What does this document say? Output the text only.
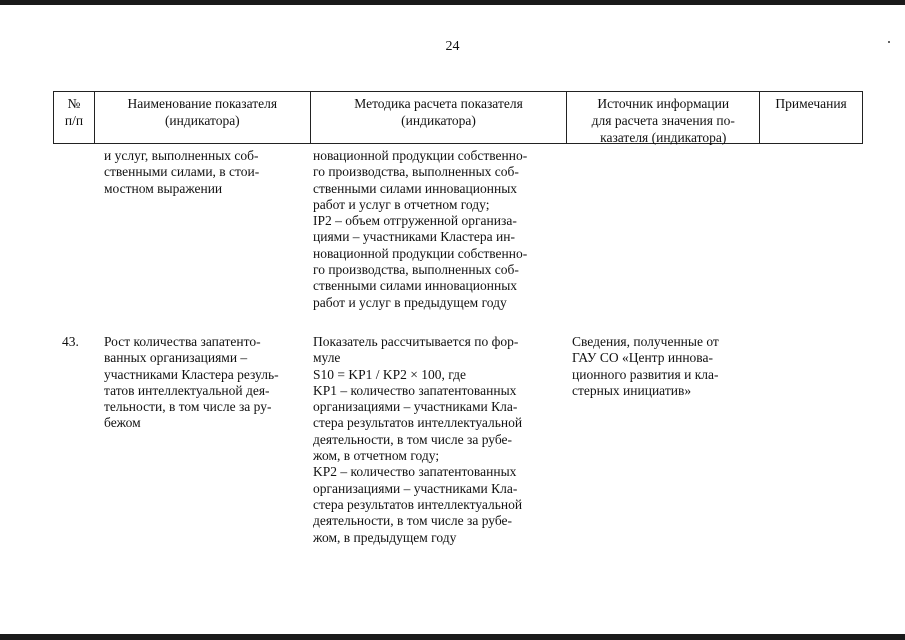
24
№
п/п
Наименование показателя
(индикатора)
Методика расчета показателя
(индикатора)
Источник информации
для расчета значения по-
казателя (индикатора)
Примечания

и услуг, выполненных соб-
ственными силами, в стои-
мостном выражении

новационной продукции собственно-
го производства, выполненных соб-
ственными силами инновационных
работ и услуг в отчетном году;
IP2 – объем отгруженной организа-
циями – участниками Кластера ин-
новационной продукции собственно-
го производства, выполненных соб-
ственными силами инновационных
работ и услуг в предыдущем году

43.	Рост количества запатенто-
ванных организациями –
участниками Кластера резуль-
татов интеллектуальной дея-
тельности, в том числе за ру-
бежом

Показатель рассчитывается по фор-
муле
S10 = KP1 / KP2 × 100, где
KP1 – количество запатентованных
организациями – участниками Кла-
стера результатов интеллектуальной
деятельности, в том числе за рубе-
жом, в отчетном году;
KP2 – количество запатентованных
организациями – участниками Кла-
стера результатов интеллектуальной
деятельности, в том числе за рубе-
жом, в предыдущем году

Сведения, полученные от
ГАУ СО «Центр иннова-
ционного развития и кла-
стерных инициатив»
